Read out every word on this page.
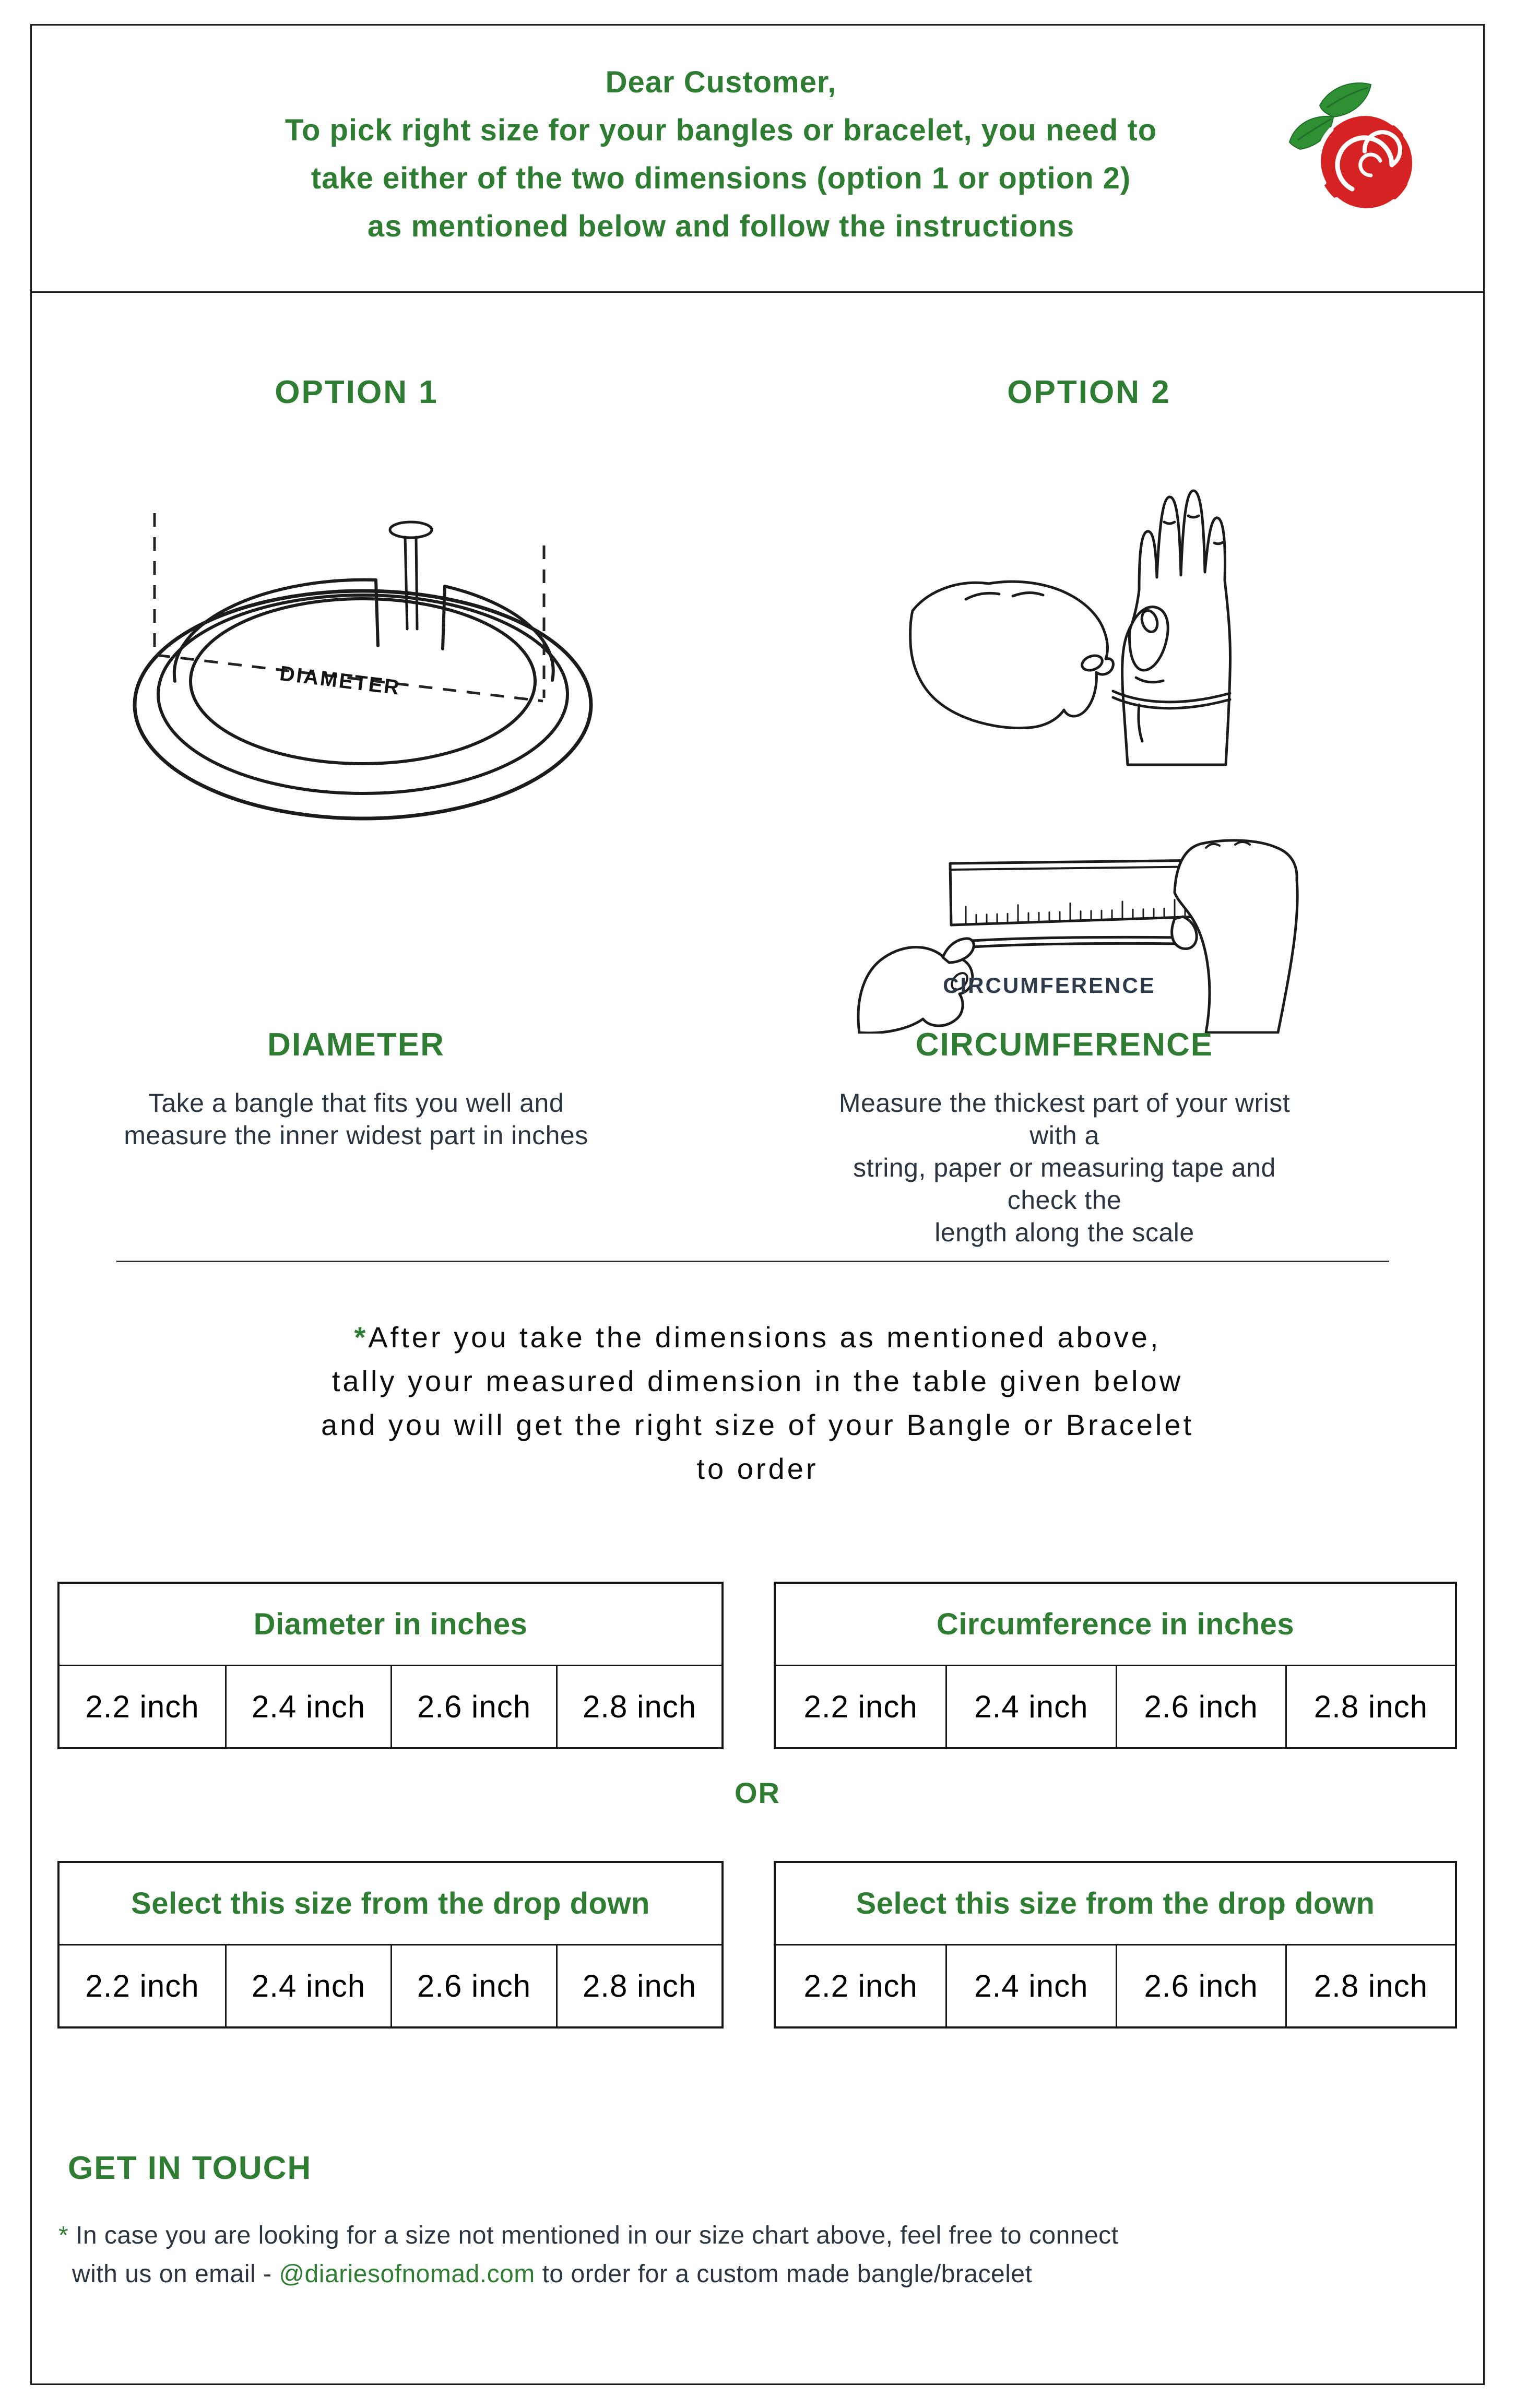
Dear Customer,
To pick right size for your bangles or bracelet, you need to
take either of the two dimensions (option 1 or option 2)
as mentioned below and follow the instructions
OPTION 1	OPTION 2
DIAMETER
CIRCUMFERENCE
DIAMETER	CIRCUMFERENCE
Take a bangle that fits you well and
measure the inner widest part in inches
Measure the thickest part of your wrist with a
string, paper or measuring tape and check the
length along the scale
*After you take the dimensions as mentioned above,
tally your measured dimension in the table given below
and you will get the right size of your Bangle or Bracelet
to order
Diameter in inches
2.2 inch	2.4 inch	2.6 inch	2.8 inch
Circumference in inches
2.2 inch	2.4 inch	2.6 inch	2.8 inch
OR
Select this size from the drop down
2.2 inch	2.4 inch	2.6 inch	2.8 inch
Select this size from the drop down
2.2 inch	2.4 inch	2.6 inch	2.8 inch
GET IN TOUCH
* In case you are looking for a size not mentioned in our size chart above, feel free to connect
with us on email - @diariesofnomad.com to order for a custom made bangle/bracelet
